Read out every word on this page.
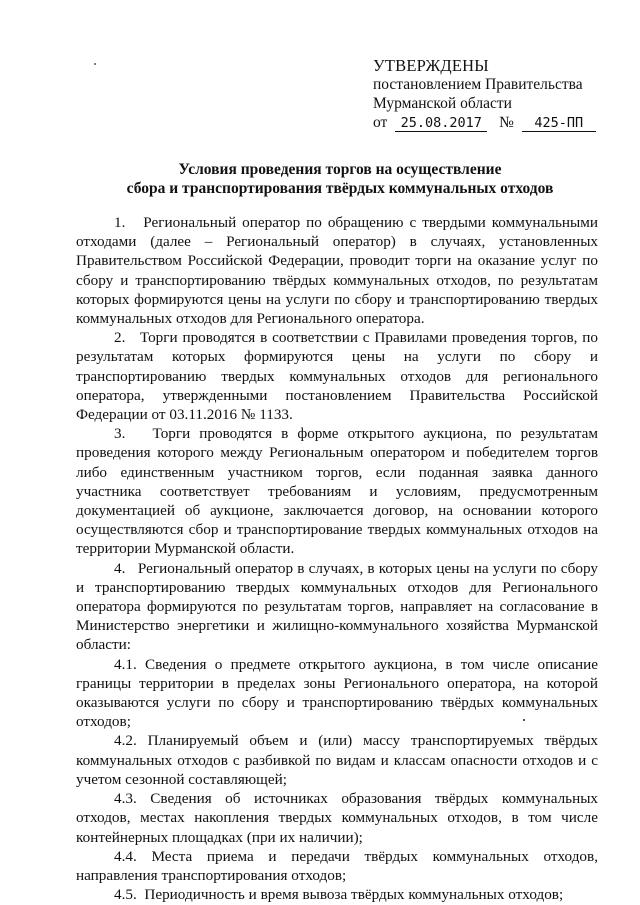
УТВЕРЖДЕНЫ
постановлением Правительства
Мурманской области
от 25.08.2017 № 425-ПП
Условия проведения торгов на осуществление
сбора и транспортирования твёрдых коммунальных отходов

1.   Региональный оператор по обращению с твердыми коммунальными отходами (далее – Региональный оператор) в случаях, установленных Правительством Российской Федерации, проводит торги на оказание услуг по сбору и транспортированию твёрдых коммунальных отходов, по результатам которых формируются цены на услуги по сбору и транспортированию твердых коммунальных отходов для Регионального оператора.

2.   Торги проводятся в соответствии с Правилами проведения торгов, по результатам которых формируются цены на услуги по сбору и транспортированию твердых коммунальных отходов для регионального оператора, утвержденными постановлением Правительства Российской Федерации от 03.11.2016 № 1133.

3.   Торги проводятся в форме открытого аукциона, по результатам проведения которого между Региональным оператором и победителем торгов либо единственным участником торгов, если поданная заявка данного участника соответствует требованиям и условиям, предусмотренным документацией об аукционе, заключается договор, на основании которого осуществляются сбор и транспортирование твердых коммунальных отходов на территории Мурманской области.

4.   Региональный оператор в случаях, в которых цены на услуги по сбору и транспортированию твердых коммунальных отходов для Регионального оператора формируются по результатам торгов, направляет на согласование в Министерство энергетики и жилищно-коммунального хозяйства Мурманской области:

4.1. Сведения о предмете открытого аукциона, в том числе описание границы территории в пределах зоны Регионального оператора, на которой оказываются услуги по сбору и транспортированию твёрдых коммунальных отходов;

4.2. Планируемый объем и (или) массу транспортируемых твёрдых коммунальных отходов с разбивкой по видам и классам опасности отходов и с учетом сезонной составляющей;

4.3. Сведения об источниках образования твёрдых коммунальных отходов, местах накопления твердых коммунальных отходов, в том числе контейнерных площадках (при их наличии);

4.4. Места приема и передачи твёрдых коммунальных отходов, направления транспортирования отходов;

4.5.  Периодичность и время вывоза твёрдых коммунальных отходов;
